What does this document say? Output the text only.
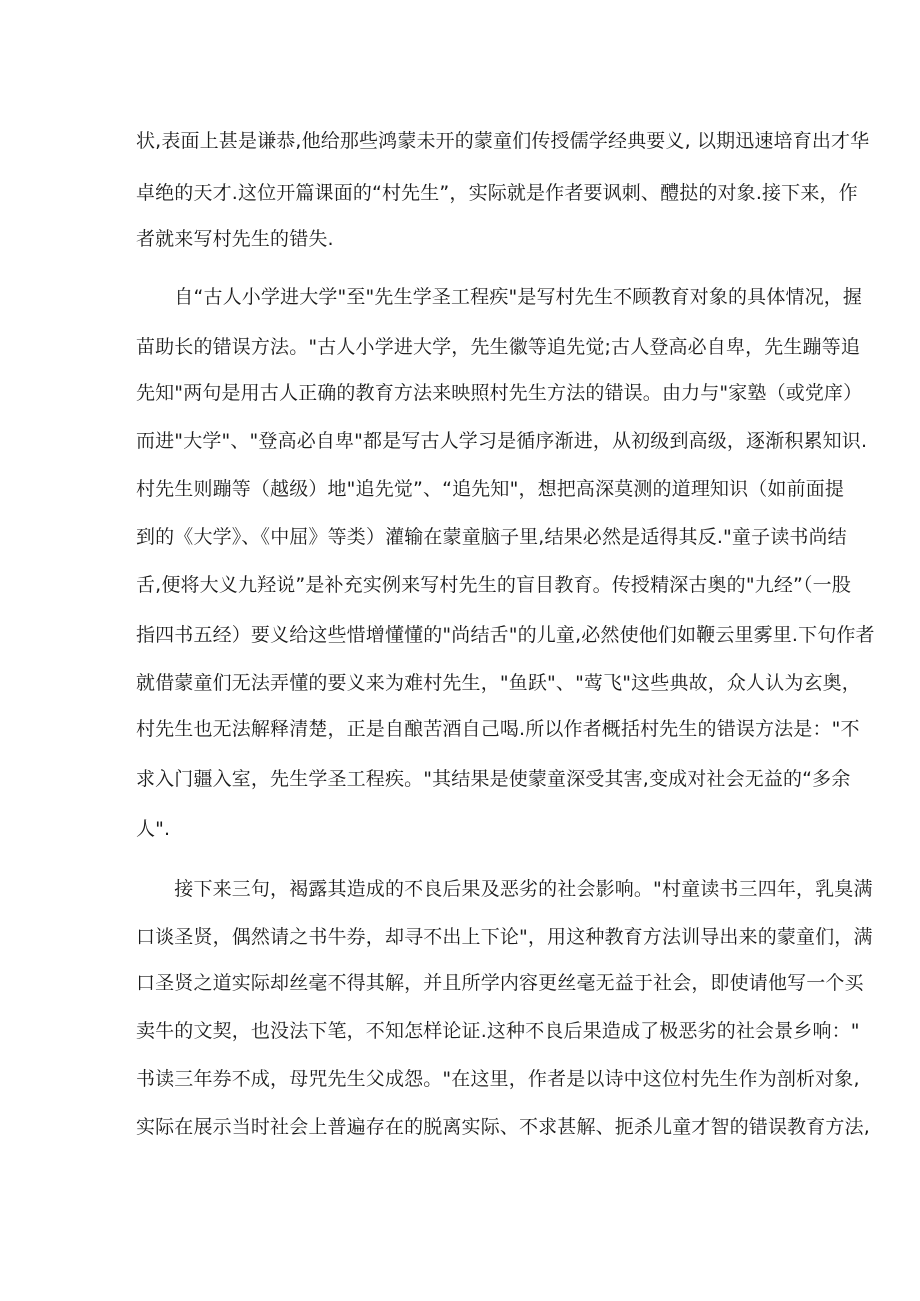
状,表面上甚是谦恭,他给那些鸿蒙未开的蒙童们传授儒学经典要义, 以期迅速培育出才华
卓绝的天才.这位开篇课面的“村先生”，实际就是作者要讽刺、醴挞的对象.接下来，作
者就来写村先生的错失.
　　自“古人小学进大学"至"先生学圣工程疾"是写村先生不顾教育对象的具体情况，握
苗助长的错误方法。"古人小学进大学，先生徽等追先觉;古人登高必自卑，先生蹦等追
先知"两句是用古人正确的教育方法来映照村先生方法的错误。由力与"家塾（或党庠）
而进"大学"、"登高必自卑"都是写古人学习是循序渐进，从初级到高级，逐渐积累知识.
村先生则蹦等（越级）地"追先觉”、“追先知"，想把高深莫测的道理知识（如前面提
到的《大学》、《中屈》等类）灌输在蒙童脑子里,结果必然是适得其反."童子读书尚结
舌,便将大义九羟说”是补充实例来写村先生的盲目教育。传授精深古奥的"九经”（一股
指四书五经）要义给这些惜增懂懂的"尚结舌"的儿童,必然使他们如鞭云里雾里.下句作者
就借蒙童们无法弄懂的要义来为难村先生，"鱼跃"、"莺飞"这些典故，众人认为玄奥，
村先生也无法解释清楚，正是自酿苦酒自己喝.所以作者概括村先生的错误方法是："不
求入门疆入室，先生学圣工程疾。"其结果是使蒙童深受其害,变成对社会无益的“多余
人".
　　接下来三句，褐露其造成的不良后果及恶劣的社会影响。"村童读书三四年，乳臭满
口谈圣贤，偶然请之书牛券，却寻不出上下论"，用这种教育方法训导出来的蒙童们，满
口圣贤之道实际却丝毫不得其解，并且所学内容更丝毫无益于社会，即使请他写一个买
卖牛的文契，也没法下笔，不知怎样论证.这种不良后果造成了极恶劣的社会景乡响："
书读三年券不成，母咒先生父成怨。"在这里，作者是以诗中这位村先生作为剖析对象,
实际在展示当时社会上普遍存在的脱离实际、不求甚解、扼杀儿童才智的错误教育方法,
